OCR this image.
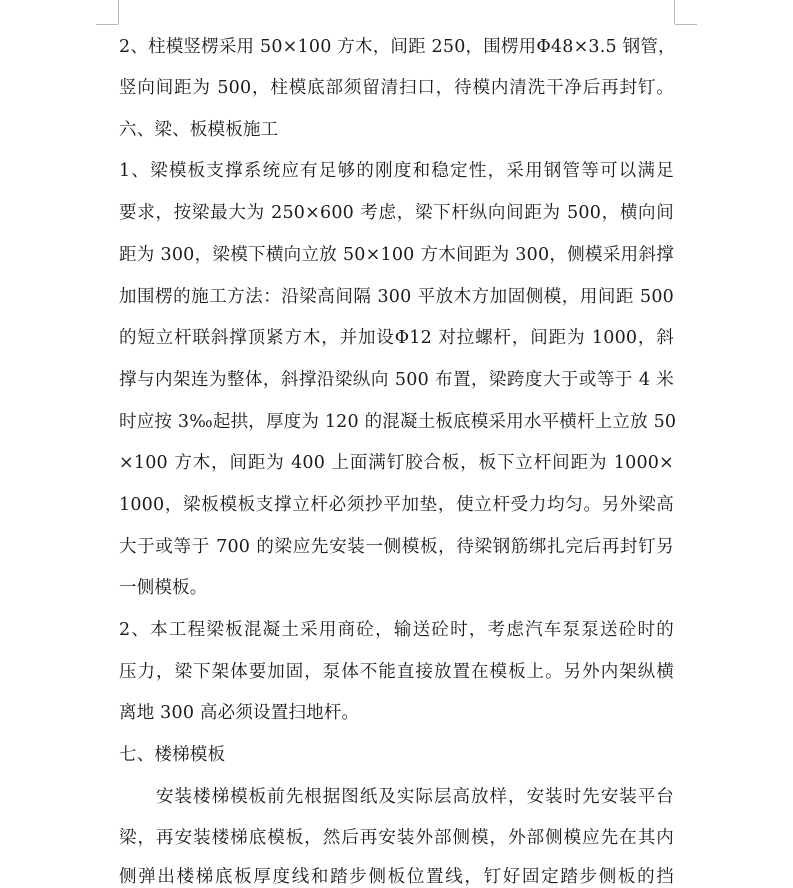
2、柱模竖楞采用 50×100 方木，间距 250，围楞用Φ48×3.5 钢管，
竖向间距为 500，柱模底部须留清扫口，待模内清洗干净后再封钉。
六、梁、板模板施工
1、梁模板支撑系统应有足够的刚度和稳定性，采用钢管等可以满足
要求，按梁最大为 250×600 考虑，梁下杆纵向间距为 500，横向间
距为 300，梁模下横向立放 50×100 方木间距为 300，侧模采用斜撑
加围楞的施工方法：沿梁高间隔 300 平放木方加固侧模，用间距 500
的短立杆联斜撑顶紧方木，并加设Φ12 对拉螺杆，间距为 1000，斜
撑与内架连为整体，斜撑沿梁纵向 500 布置，梁跨度大于或等于 4 米
时应按 3‰起拱，厚度为 120 的混凝土板底模采用水平横杆上立放 50
×100 方木，间距为 400 上面满钉胶合板，板下立杆间距为 1000×
1000，梁板模板支撑立杆必须抄平加垫，使立杆受力均匀。另外梁高
大于或等于 700 的梁应先安装一侧模板，待梁钢筋绑扎完后再封钉另
一侧模板。
2、本工程梁板混凝土采用商砼，输送砼时，考虑汽车泵泵送砼时的
压力，梁下架体要加固，泵体不能直接放置在模板上。另外内架纵横
离地 300 高必须设置扫地杆。
七、楼梯模板
安装楼梯模板前先根据图纸及实际层高放样，安装时先安装平台
梁，再安装楼梯底模板，然后再安装外部侧模，外部侧模应先在其内
侧弹出楼梯底板厚度线和踏步侧板位置线，钉好固定踏步侧板的挡
